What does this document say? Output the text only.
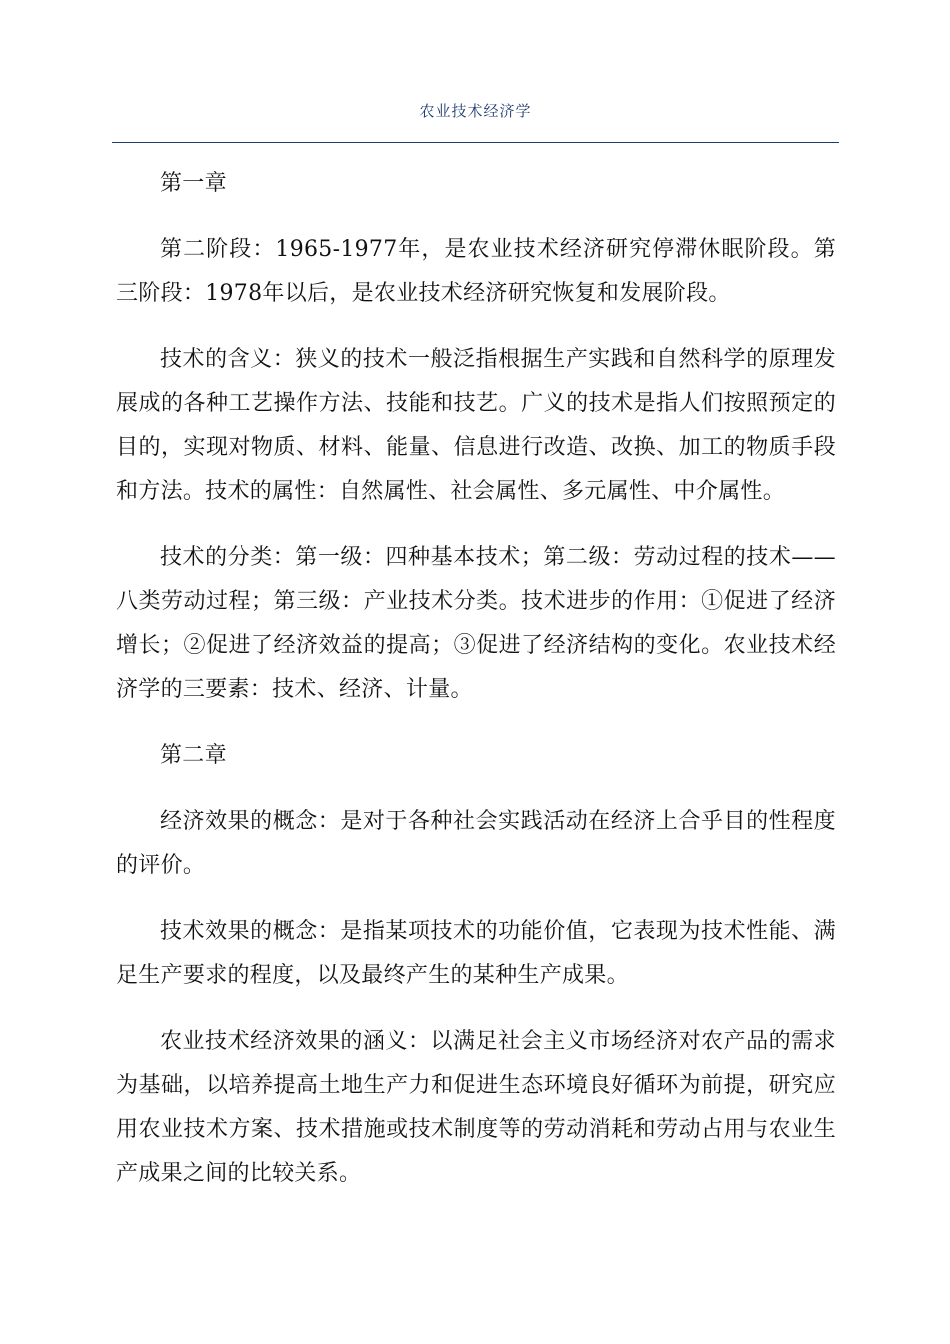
农业技术经济学

第一章

第二阶段：1965-1977年，是农业技术经济研究停滞休眠阶段。第三阶段：1978年以后，是农业技术经济研究恢复和发展阶段。

技术的含义：狭义的技术一般泛指根据生产实践和自然科学的原理发展成的各种工艺操作方法、技能和技艺。广义的技术是指人们按照预定的目的，实现对物质、材料、能量、信息进行改造、改换、加工的物质手段和方法。技术的属性：自然属性、社会属性、多元属性、中介属性。

技术的分类：第一级：四种基本技术；第二级：劳动过程的技术——八类劳动过程；第三级：产业技术分类。技术进步的作用：①促进了经济增长；②促进了经济效益的提高；③促进了经济结构的变化。农业技术经济学的三要素：技术、经济、计量。

第二章

经济效果的概念：是对于各种社会实践活动在经济上合乎目的性程度的评价。

技术效果的概念：是指某项技术的功能价值，它表现为技术性能、满足生产要求的程度，以及最终产生的某种生产成果。

农业技术经济效果的涵义：以满足社会主义市场经济对农产品的需求为基础，以培养提高土地生产力和促进生态环境良好循环为前提，研究应用农业技术方案、技术措施或技术制度等的劳动消耗和劳动占用与农业生产成果之间的比较关系。
